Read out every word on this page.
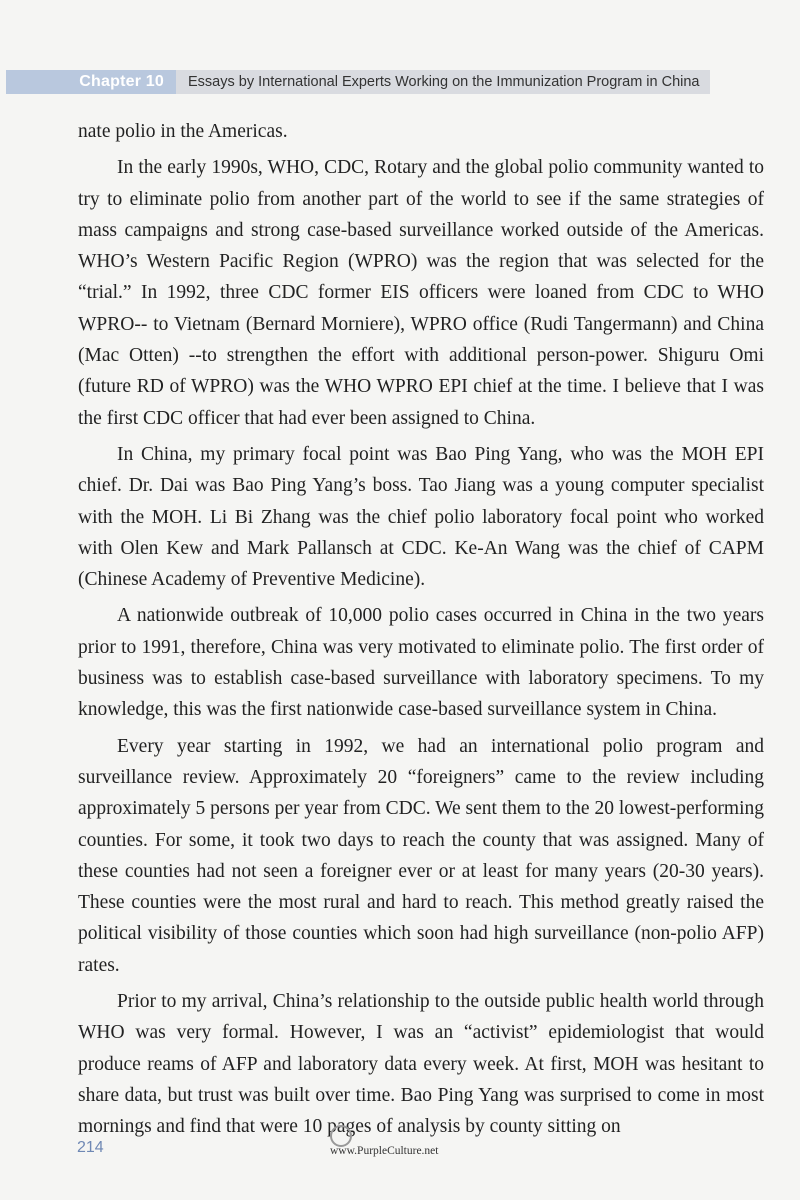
Chapter 10	Essays by International Experts Working on the Immunization Program in China

nate polio in the Americas.

In the early 1990s, WHO, CDC, Rotary and the global polio community wanted to try to eliminate polio from another part of the world to see if the same strategies of mass campaigns and strong case-based surveillance worked outside of the Americas. WHO’s Western Pacific Region (WPRO) was the region that was selected for the “trial.” In 1992, three CDC former EIS officers were loaned from CDC to WHO WPRO-- to Vietnam (Bernard Morniere), WPRO office (Rudi Tangermann) and China (Mac Otten) --to strengthen the effort with additional person-power. Shiguru Omi (future RD of WPRO) was the WHO WPRO EPI chief at the time. I believe that I was the first CDC officer that had ever been assigned to China.

In China, my primary focal point was Bao Ping Yang, who was the MOH EPI chief. Dr. Dai was Bao Ping Yang’s boss. Tao Jiang was a young computer specialist with the MOH. Li Bi Zhang was the chief polio laboratory focal point who worked with Olen Kew and Mark Pallansch at CDC. Ke-An Wang was the chief of CAPM (Chinese Academy of Preventive Medicine).

A nationwide outbreak of 10,000 polio cases occurred in China in the two years prior to 1991, therefore, China was very motivated to eliminate polio. The first order of business was to establish case-based surveillance with laboratory specimens. To my knowledge, this was the first nationwide case-based surveillance system in China.

Every year starting in 1992, we had an international polio program and surveillance review. Approximately 20 “foreigners” came to the review including approximately 5 persons per year from CDC. We sent them to the 20 lowest-performing counties. For some, it took two days to reach the county that was assigned. Many of these counties had not seen a foreigner ever or at least for many years (20-30 years). These counties were the most rural and hard to reach. This method greatly raised the political visibility of those counties which soon had high surveillance (non-polio AFP) rates.

Prior to my arrival, China’s relationship to the outside public health world through WHO was very formal. However, I was an “activist” epidemiologist that would produce reams of AFP and laboratory data every week. At first, MOH was hesitant to share data, but trust was built over time. Bao Ping Yang was surprised to come in most mornings and find that were 10 pages of analysis by county sitting on

www.PurpleCulture.net
214
